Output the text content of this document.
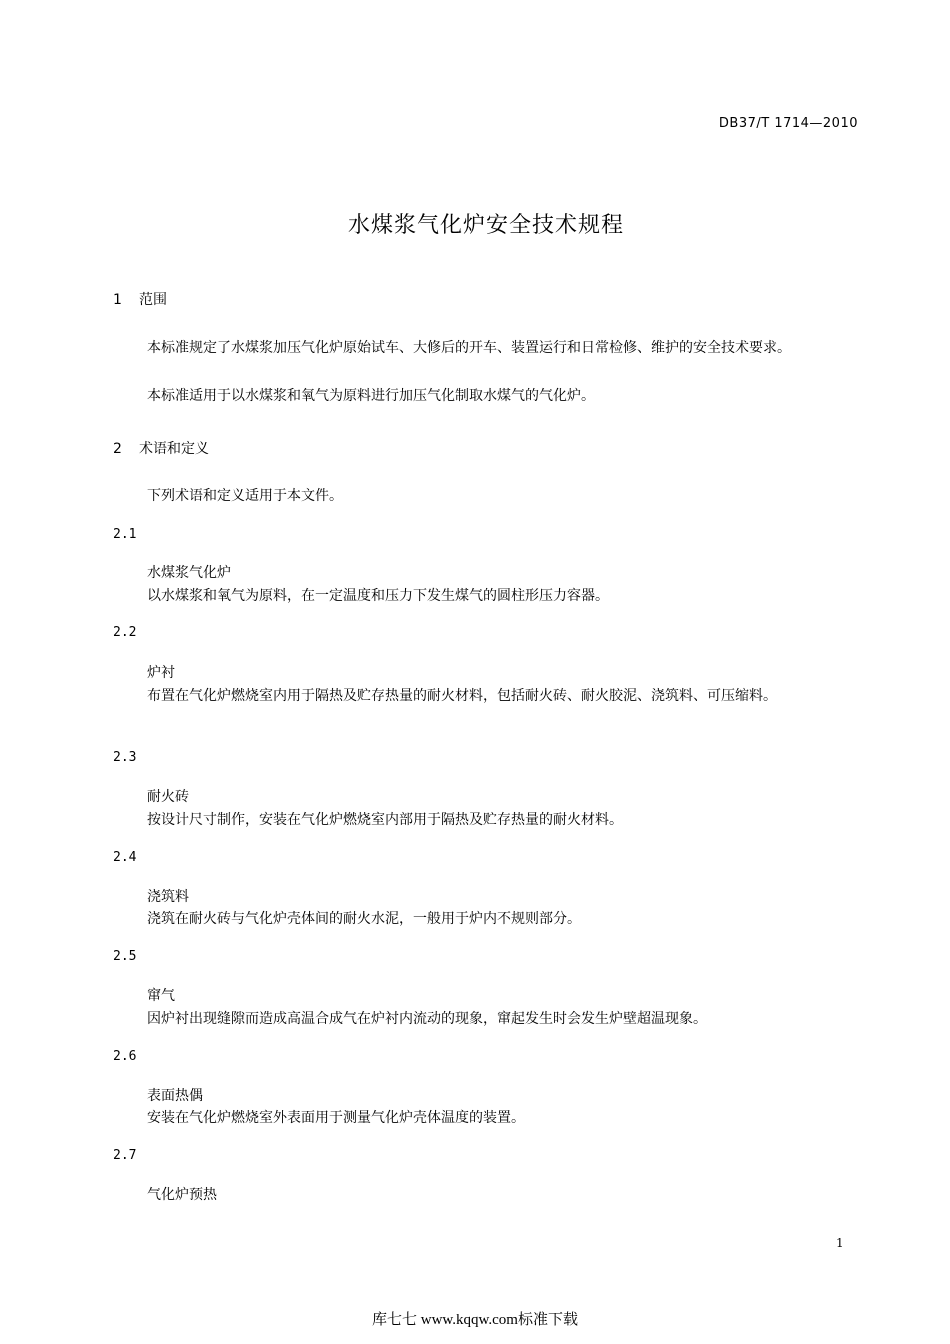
DB37/T 1714—2010
水煤浆气化炉安全技术规程
1 范围
本标准规定了水煤浆加压气化炉原始试车、大修后的开车、装置运行和日常检修、维护的安全技术要求。
本标准适用于以水煤浆和氧气为原料进行加压气化制取水煤气的气化炉。
2 术语和定义
下列术语和定义适用于本文件。
2.1
水煤浆气化炉
以水煤浆和氧气为原料，在一定温度和压力下发生煤气的圆柱形压力容器。
2.2
炉衬
布置在气化炉燃烧室内用于隔热及贮存热量的耐火材料，包括耐火砖、耐火胶泥、浇筑料、可压缩料。
2.3
耐火砖
按设计尺寸制作，安装在气化炉燃烧室内部用于隔热及贮存热量的耐火材料。
2.4
浇筑料
浇筑在耐火砖与气化炉壳体间的耐火水泥，一般用于炉内不规则部分。
2.5
窜气
因炉衬出现缝隙而造成高温合成气在炉衬内流动的现象，窜起发生时会发生炉壁超温现象。
2.6
表面热偶
安装在气化炉燃烧室外表面用于测量气化炉壳体温度的装置。
2.7
气化炉预热
1
库七七 www.kqqw.com标准下载
